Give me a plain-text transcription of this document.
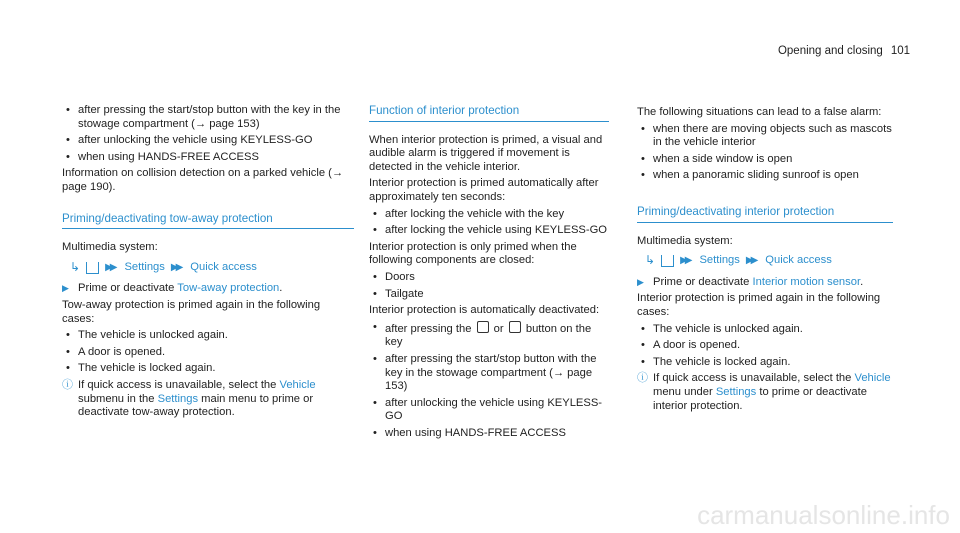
Opening and closing 101
• after pressing the start/stop button with the key in the stowage compartment (→ page 153)
• after unlocking the vehicle using KEYLESS-GO
• when using HANDS-FREE ACCESS

Information on collision detection on a parked vehicle (→ page 190).

Priming/deactivating tow-away protection

Multimedia system:

↳	▶▶ Settings ▶▶ Quick access
▶ Prime or deactivate Tow-away protection.

Tow-away protection is primed again in the following cases:

• The vehicle is unlocked again.
• A door is opened.
• The vehicle is locked again.
ⓘ If quick access is unavailable, select the Vehicle submenu in the Settings main menu to prime or deactivate tow-away protection.
Function of interior protection

When interior protection is primed, a visual and audible alarm is triggered if movement is detected in the vehicle interior.

Interior protection is primed automatically after approximately ten seconds:

• after locking the vehicle with the key
• after locking the vehicle using KEYLESS-GO

Interior protection is only primed when the following components are closed:

• Doors
• Tailgate

Interior protection is automatically deactivated:

• after pressing the  or  button on the key
• after pressing the start/stop button with the key in the stowage compartment (→ page 153)
• after unlocking the vehicle using KEYLESS-GO
• when using HANDS-FREE ACCESS

The following situations can lead to a false alarm:

• when there are moving objects such as mascots in the vehicle interior
• when a side window is open
• when a panoramic sliding sunroof is open
Priming/deactivating interior protection

Multimedia system:

↳	▶▶ Settings ▶▶ Quick access
▶ Prime or deactivate Interior motion sensor.

Interior protection is primed again in the following cases:

• The vehicle is unlocked again.
• A door is opened.
• The vehicle is locked again.
ⓘ If quick access is unavailable, select the Vehicle menu under Settings to prime or deactivate interior protection.
carmanualsonline.info
